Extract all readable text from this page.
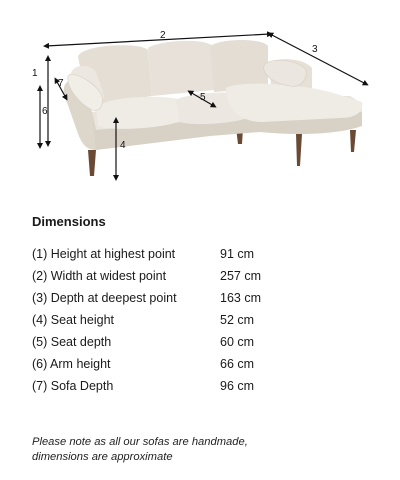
2
3
1
6
7
5
4
Dimensions
(1) Height at highest point	91 cm
(2) Width at widest point	257 cm
(3) Depth at deepest point	163 cm
(4) Seat height	52 cm
(5) Seat depth	60 cm
(6) Arm height	66 cm
(7) Sofa Depth	96 cm
Please note as all our sofas are handmade,
dimensions are approximate
